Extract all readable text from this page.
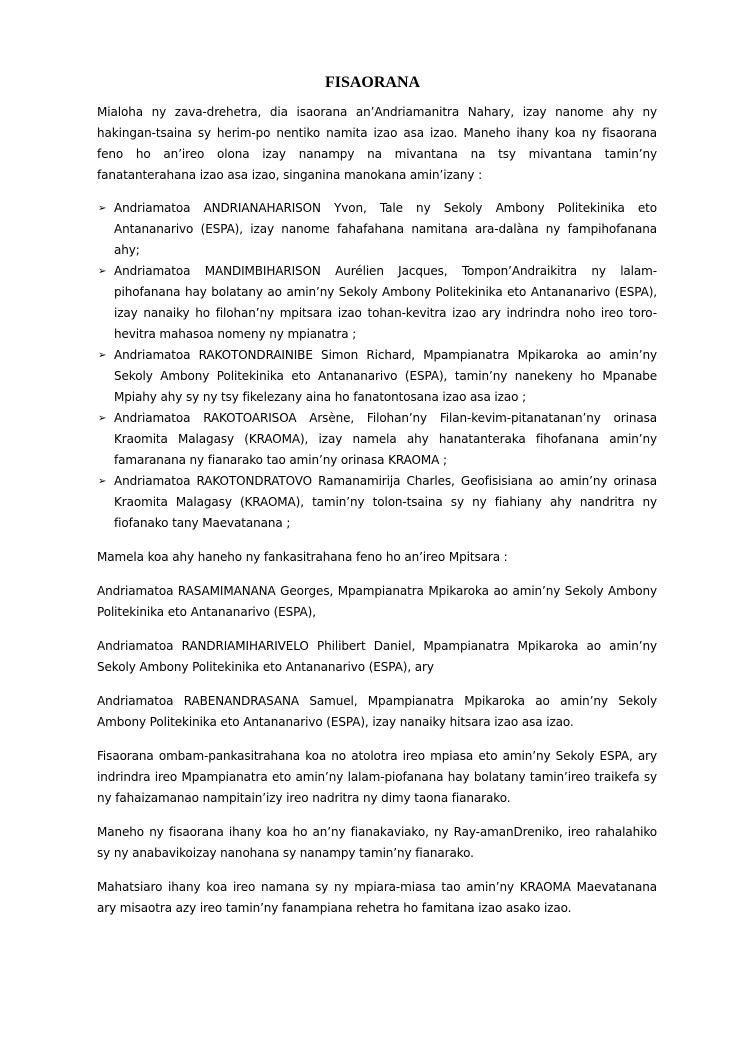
FISAORANA

Mialoha ny zava-drehetra, dia isaorana an’Andriamanitra Nahary, izay nanome ahy ny hakingan-tsaina sy herim-po nentiko namita izao asa izao. Maneho ihany koa ny fisaorana feno ho an’ireo olona izay nanampy na mivantana na tsy mivantana tamin’ny fanatanterahana izao asa izao, singanina manokana amin’izany :

➢ Andriamatoa ANDRIANAHARISON Yvon, Tale ny Sekoly Ambony Politekinika eto Antananarivo (ESPA), izay nanome fahafahana namitana ara-dalàna ny fampihofanana ahy;
➢ Andriamatoa MANDIMBIHARISON Aurélien Jacques, Tompon’Andraikitra ny lalam-pihofanana hay bolatany ao amin’ny Sekoly Ambony Politekinika eto Antananarivo (ESPA), izay nanaiky ho filohan’ny mpitsara izao tohan-kevitra izao ary indrindra noho ireo toro-hevitra mahasoa nomeny ny mpianatra ;
➢ Andriamatoa RAKOTONDRAINIBE Simon Richard, Mpampianatra Mpikaroka ao amin’ny Sekoly Ambony Politekinika eto Antananarivo (ESPA), tamin’ny nanekeny ho Mpanabe Mpiahy ahy sy ny tsy fikelezany aina ho fanatontosana izao asa izao ;
➢ Andriamatoa RAKOTOARISOA Arsène, Filohan’ny Filan-kevim-pitanatanan’ny orinasa Kraomita Malagasy (KRAOMA), izay namela ahy hanatanteraka fihofanana amin’ny famaranana ny fianarako tao amin’ny orinasa KRAOMA ;
➢ Andriamatoa RAKOTONDRATOVO Ramanamirija Charles, Geofisisiana ao amin’ny orinasa Kraomita Malagasy (KRAOMA), tamin’ny tolon-tsaina sy ny fiahiany ahy nandritra ny fiofanako tany Maevatanana ;

Mamela koa ahy haneho ny fankasitrahana feno ho an’ireo Mpitsara :

Andriamatoa RASAMIMANANA Georges, Mpampianatra Mpikaroka ao amin’ny Sekoly Ambony Politekinika eto Antananarivo (ESPA),

Andriamatoa RANDRIAMIHARIVELO Philibert Daniel, Mpampianatra Mpikaroka ao amin’ny Sekoly Ambony Politekinika eto Antananarivo (ESPA), ary

Andriamatoa RABENANDRASANA Samuel, Mpampianatra Mpikaroka ao amin’ny Sekoly Ambony Politekinika eto Antananarivo (ESPA), izay nanaiky hitsara izao asa izao.

Fisaorana ombam-pankasitrahana koa no atolotra ireo mpiasa eto amin’ny Sekoly ESPA, ary indrindra ireo Mpampianatra eto amin’ny lalam-piofanana hay bolatany tamin’ireo traikefa sy ny fahaizamanao nampitain’izy ireo nadritra ny dimy taona fianarako.

Maneho ny fisaorana ihany koa ho an’ny fianakaviako, ny Ray-amanDreniko, ireo rahalahiko sy ny anabavikoizay nanohana sy nanampy tamin’ny fianarako.

Mahatsiaro ihany koa ireo namana sy ny mpiara-miasa tao amin’ny KRAOMA Maevatanana ary misaotra azy ireo tamin’ny fanampiana rehetra ho famitana izao asako izao.
